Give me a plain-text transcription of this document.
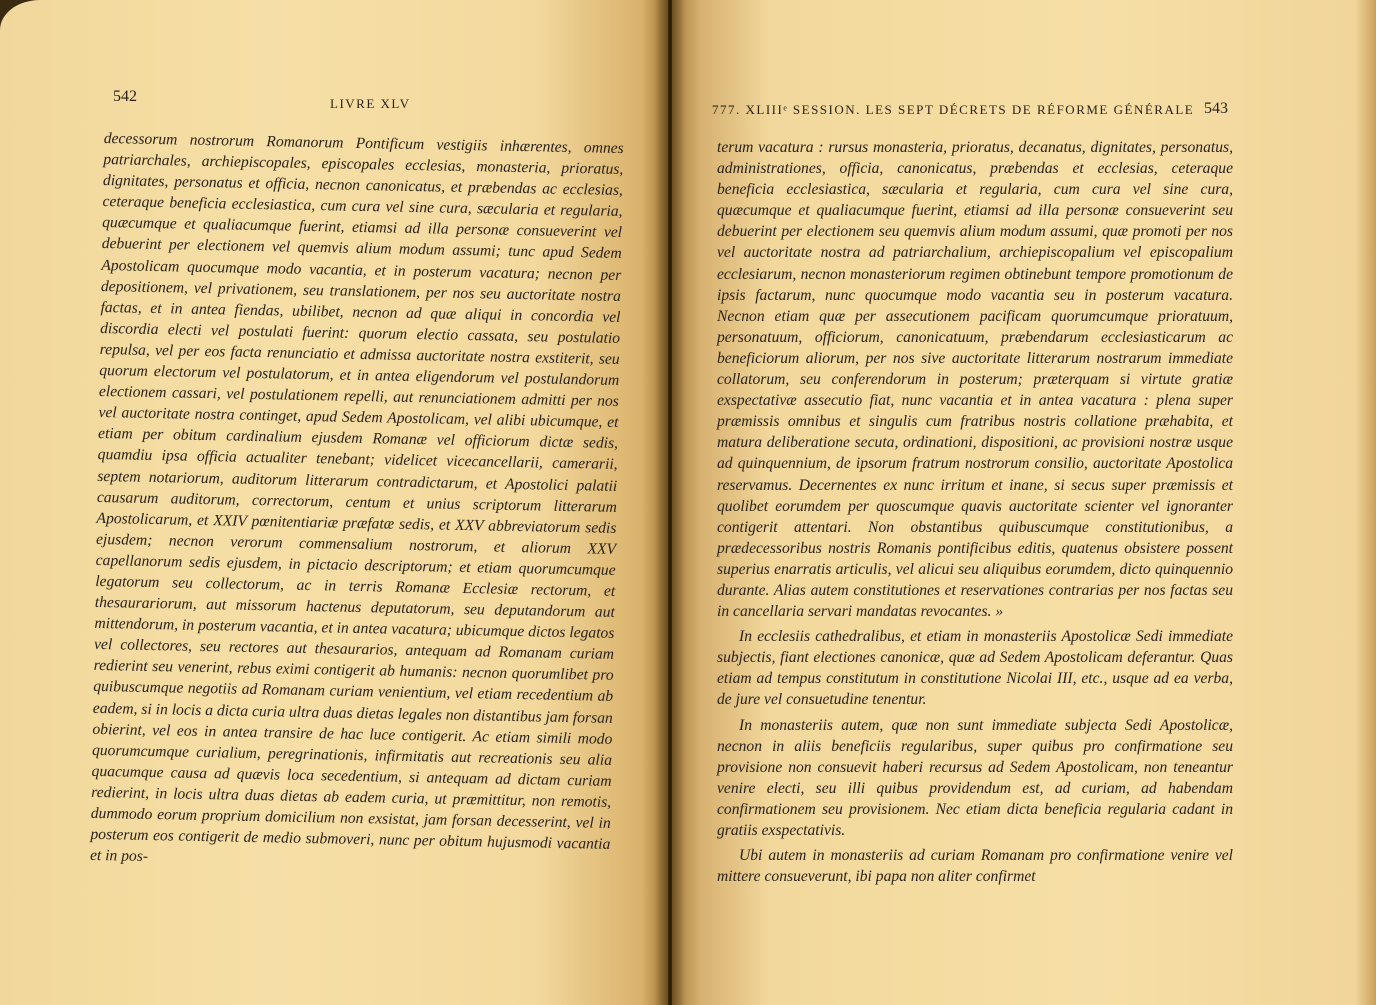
542	LIVRE XLV

decessorum nostrorum Romanorum Pontificum vestigiis inhærentes, omnes patriarchales, archiepiscopales, episcopales ecclesias, monasteria, prioratus, dignitates, personatus et officia, necnon canonicatus, et præbendas ac ecclesias, ceteraque beneficia ecclesiastica, cum cura vel sine cura, sæcularia et regularia, quæcumque et qualiacumque fuerint, etiamsi ad illa personæ consueverint vel debuerint per electionem vel quemvis alium modum assumi; tunc apud Sedem Apostolicam quocumque modo vacantia, et in posterum vacatura; necnon per depositionem, vel privationem, seu translationem, per nos seu auctoritate nostra factas, et in antea fiendas, ubilibet, necnon ad quæ aliqui in concordia vel discordia electi vel postulati fuerint: quorum electio cassata, seu postulatio repulsa, vel per eos facta renunciatio et admissa auctoritate nostra exstiterit, seu quorum electorum vel postulatorum, et in antea eligendorum vel postulandorum electionem cassari, vel postulationem repelli, aut renunciationem admitti per nos vel auctoritate nostra continget, apud Sedem Apostolicam, vel alibi ubicumque, et etiam per obitum cardinalium ejusdem Romanæ vel officiorum dictæ sedis, quamdiu ipsa officia actualiter tenebant; videlicet vicecancellarii, camerarii, septem notariorum, auditorum litterarum contradictarum, et Apostolici palatii causarum auditorum, correctorum, centum et unius scriptorum litterarum Apostolicarum, et XXIV pœnitentiariæ præfatæ sedis, et XXV abbreviatorum sedis ejusdem; necnon verorum commensalium nostrorum, et aliorum XXV capellanorum sedis ejusdem, in pictacio descriptorum; et etiam quorumcumque legatorum seu collectorum, ac in terris Romanæ Ecclesiæ rectorum, et thesaurariorum, aut missorum hactenus deputatorum, seu deputandorum aut mittendorum, in posterum vacantia, et in antea vacatura; ubicumque dictos legatos vel collectores, seu rectores aut thesaurarios, antequam ad Romanam curiam redierint seu venerint, rebus eximi contigerit ab humanis: necnon quorumlibet pro quibuscumque negotiis ad Romanam curiam venientium, vel etiam recedentium ab eadem, si in locis a dicta curia ultra duas dietas legales non distantibus jam forsan obierint, vel eos in antea transire de hac luce contigerit. Ac etiam simili modo quorumcumque curialium, peregrinationis, infirmitatis aut recreationis seu alia quacumque causa ad quævis loca secedentium, si antequam ad dictam curiam redierint, in locis ultra duas dietas ab eadem curia, ut præmittitur, non remotis, dummodo eorum proprium domicilium non exsistat, jam forsan decesserint, vel in posterum eos contigerit de medio submoveri, nunc per obitum hujusmodi vacantia et in pos-

777. XLIIIᵉ SESSION. LES SEPT DÉCRETS DE RÉFORME GÉNÉRALE 543

terum vacatura : rursus monasteria, prioratus, decanatus, dignitates, personatus, administrationes, officia, canonicatus, præbendas et ecclesias, ceteraque beneficia ecclesiastica, sæcularia et regularia, cum cura vel sine cura, quæcumque et qualiacumque fuerint, etiamsi ad illa personæ consueverint seu debuerint per electionem seu quemvis alium modum assumi, quæ promoti per nos vel auctoritate nostra ad patriarchalium, archiepiscopalium vel episcopalium ecclesiarum, necnon monasteriorum regimen obtinebunt tempore promotionum de ipsis factarum, nunc quocumque modo vacantia seu in posterum vacatura. Necnon etiam quæ per assecutionem pacificam quorumcumque prioratuum, personatuum, officiorum, canonicatuum, præbendarum ecclesiasticarum ac beneficiorum aliorum, per nos sive auctoritate litterarum nostrarum immediate collatorum, seu conferendorum in posterum; præterquam si virtute gratiæ exspectativæ assecutio fiat, nunc vacantia et in antea vacatura : plena super præmissis omnibus et singulis cum fratribus nostris collatione præhabita, et matura deliberatione secuta, ordinationi, dispositioni, ac provisioni nostræ usque ad quinquennium, de ipsorum fratrum nostrorum consilio, auctoritate Apostolica reservamus. Decernentes ex nunc irritum et inane, si secus super præmissis et quolibet eorumdem per quoscumque quavis auctoritate scienter vel ignoranter contigerit attentari. Non obstantibus quibuscumque constitutionibus, a prædecessoribus nostris Romanis pontificibus editis, quatenus obsistere possent superius enarratis articulis, vel alicui seu aliquibus eorumdem, dicto quinquennio durante. Alias autem constitutiones et reservationes contrarias per nos factas seu in cancellaria servari mandatas revocantes. »

In ecclesiis cathedralibus, et etiam in monasteriis Apostolicæ Sedi immediate subjectis, fiant electiones canonicæ, quæ ad Sedem Apostolicam deferantur. Quas etiam ad tempus constitutum in constitutione Nicolai III, etc., usque ad ea verba, de jure vel consuetudine tenentur.

In monasteriis autem, quæ non sunt immediate subjecta Sedi Apostolicæ, necnon in aliis beneficiis regularibus, super quibus pro confirmatione seu provisione non consuevit haberi recursus ad Sedem Apostolicam, non teneantur venire electi, seu illi quibus providendum est, ad curiam, ad habendam confirmationem seu provisionem. Nec etiam dicta beneficia regularia cadant in gratiis exspectativis.

Ubi autem in monasteriis ad curiam Romanam pro confirmatione venire vel mittere consueverunt, ibi papa non aliter confirmet
